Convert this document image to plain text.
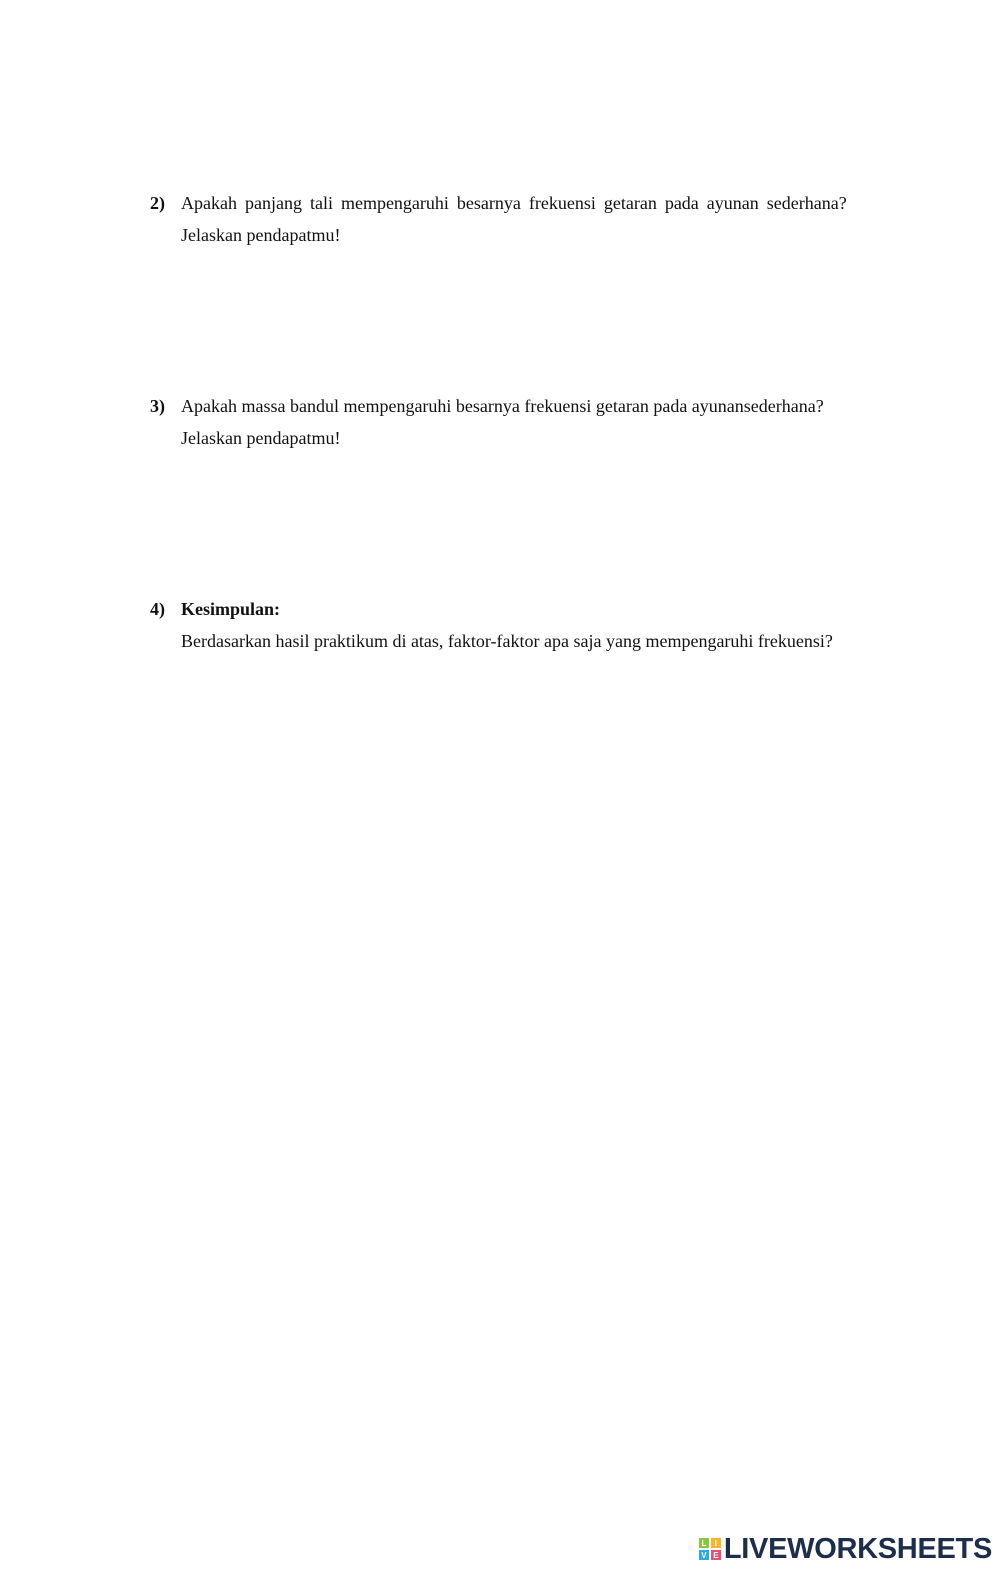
2) Apakah panjang tali mempengaruhi besarnya frekuensi getaran pada ayunan sederhana?
Jelaskan pendapatmu!
3) Apakah massa bandul mempengaruhi besarnya frekuensi getaran pada ayunansederhana?
Jelaskan pendapatmu!
4) Kesimpulan:
Berdasarkan hasil praktikum di atas, faktor-faktor apa saja yang mempengaruhi frekuensi?
L	I
V E LIVEWORKSHEETS
